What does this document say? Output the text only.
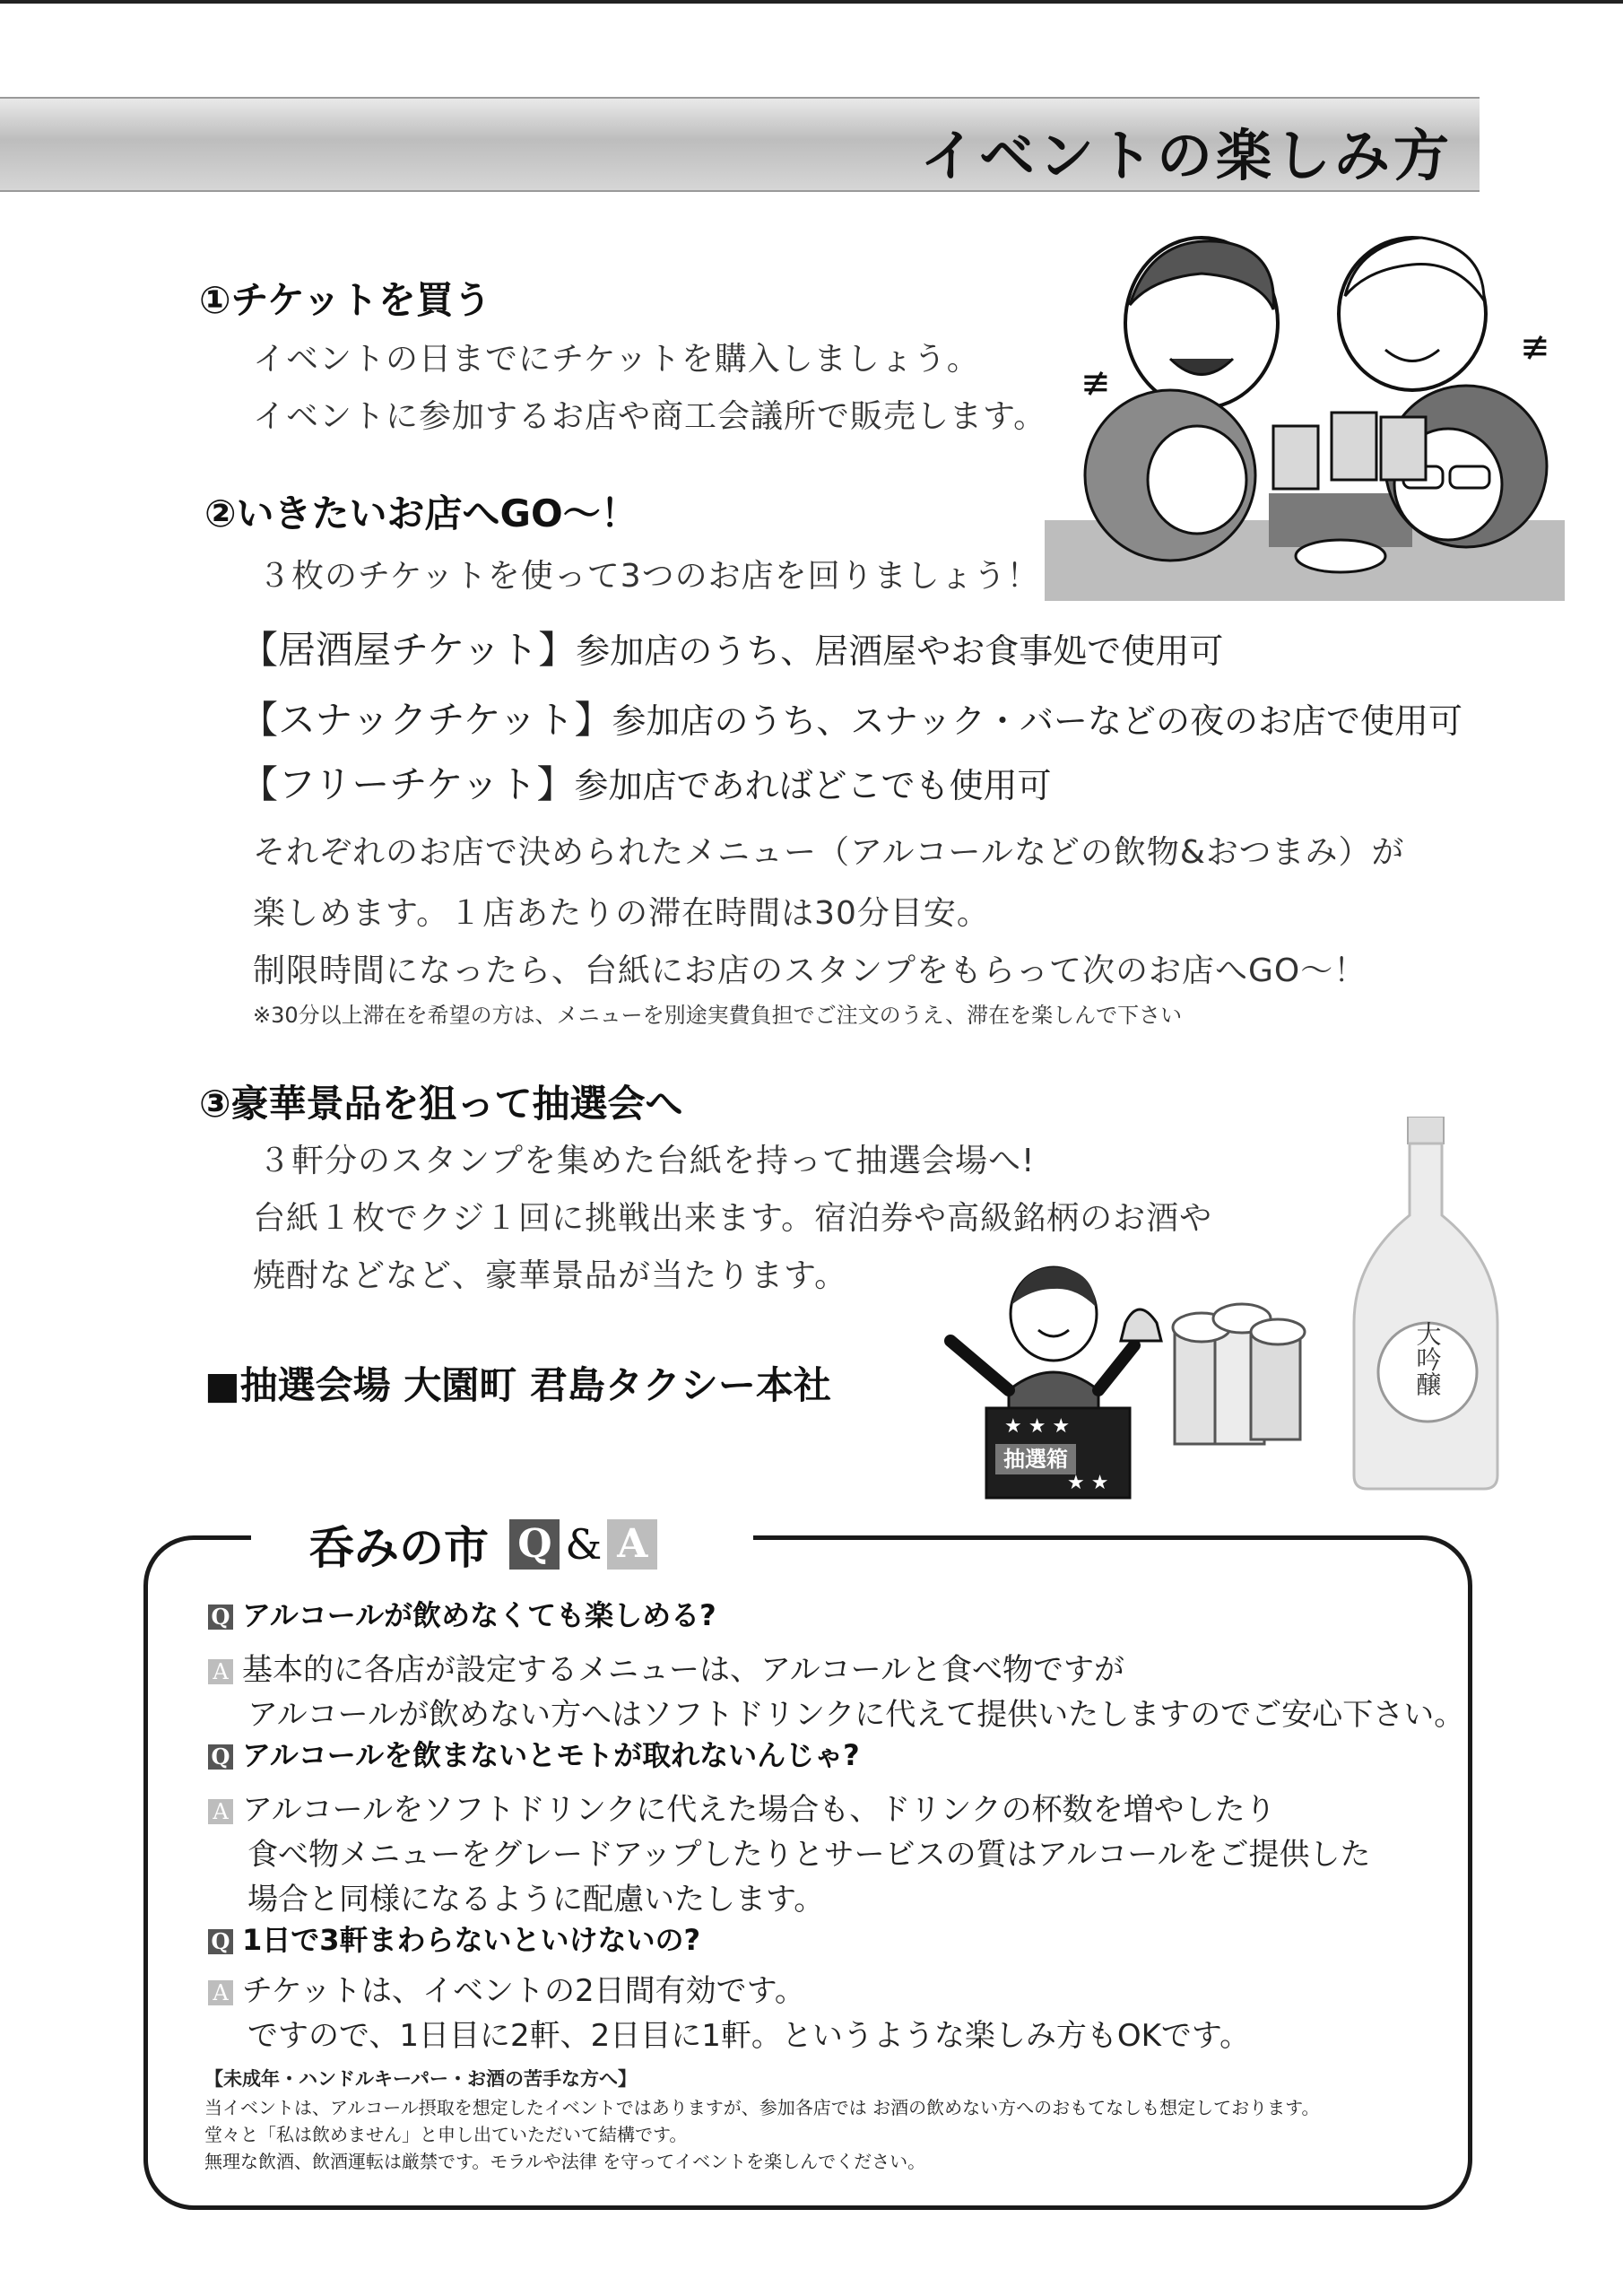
イベントの楽しみ方
①チケットを買う
イベントの日までにチケットを購入しましょう。
イベントに参加するお店や商工会議所で販売します。
≢
≢
②いきたいお店へGO～！
３枚のチケットを使って3つのお店を回りましょう！
【居酒屋チケット】参加店のうち、居酒屋やお食事処で使用可
【スナックチケット】参加店のうち、スナック・バーなどの夜のお店で使用可
【フリーチケット】参加店であればどこでも使用可
それぞれのお店で決められたメニュー（アルコールなどの飲物&おつまみ）が
楽しめます。１店あたりの滞在時間は30分目安。
制限時間になったら、台紙にお店のスタンプをもらって次のお店へGO～！
※30分以上滞在を希望の方は、メニューを別途実費負担でご注文のうえ、滞在を楽しんで下さい
③豪華景品を狙って抽選会へ
３軒分のスタンプを集めた台紙を持って抽選会場へ!
台紙１枚でクジ１回に挑戦出来ます。宿泊券や高級銘柄のお酒や
焼酎などなど、豪華景品が当たります。
■抽選会場 大園町 君島タクシー本社
抽選箱
★ ★ ★
★ ★
大吟醸
呑みの市 Q & A
Q アルコールが飲めなくても楽しめる?
A 基本的に各店が設定するメニューは、アルコールと食べ物ですが
アルコールが飲めない方へはソフトドリンクに代えて提供いたしますのでご安心下さい。
Q アルコールを飲まないとモトが取れないんじゃ?
A アルコールをソフトドリンクに代えた場合も、ドリンクの杯数を増やしたり
食べ物メニューをグレードアップしたりとサービスの質はアルコールをご提供した
場合と同様になるように配慮いたします。
Q 1日で3軒まわらないといけないの?
A チケットは、イベントの2日間有効です。
ですので、1日目に2軒、2日目に1軒。というような楽しみ方もOKです。
【未成年・ハンドルキーパー・お酒の苦手な方へ】
当イベントは、アルコール摂取を想定したイベントではありますが、参加各店では お酒の飲めない方へのおもてなしも想定しております。
堂々と「私は飲めません」と申し出ていただいて結構です。
無理な飲酒、飲酒運転は厳禁です。モラルや法律 を守ってイベントを楽しんでください。
